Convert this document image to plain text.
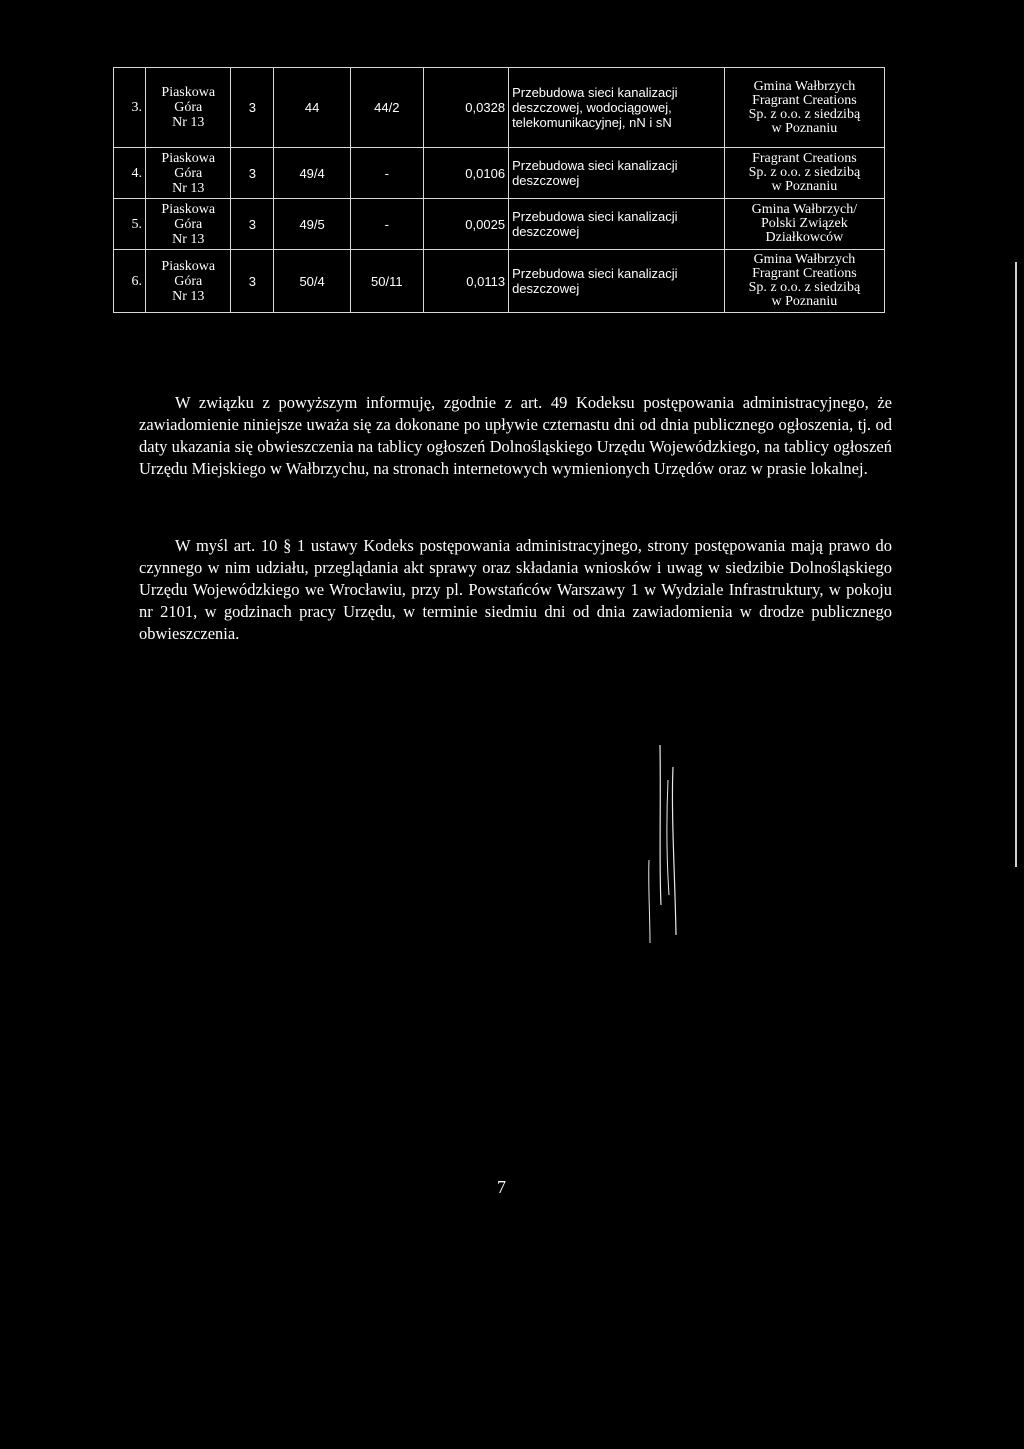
3.	Piaskowa
Góra
Nr 13	3	44	44/2	0,0328	Przebudowa sieci kanalizacji
deszczowej, wodociągowej,
telekomunikacyjnej, nN i sN	Gmina Wałbrzych
Fragrant Creations
Sp. z o.o. z siedzibą
w Poznaniu

4.	Piaskowa
Góra
Nr 13	3	49/4	-	0,0106	Przebudowa sieci kanalizacji
deszczowej	Fragrant Creations
Sp. z o.o. z siedzibą
w Poznaniu

5.	Piaskowa
Góra
Nr 13	3	49/5	-	0,0025	Przebudowa sieci kanalizacji
deszczowej	Gmina Wałbrzych/
Polski Związek
Działkowców

6.	Piaskowa
Góra
Nr 13	3	50/4	50/11	0,0113	Przebudowa sieci kanalizacji
deszczowej	Gmina Wałbrzych
Fragrant Creations
Sp. z o.o. z siedzibą
w Poznaniu

W związku z powyższym informuję, zgodnie z art. 49 Kodeksu postępowania administracyjnego, że zawiadomienie niniejsze uważa się za dokonane po upływie czternastu dni od dnia publicznego ogłoszenia, tj. od daty ukazania się obwieszczenia na tablicy ogłoszeń Dolnośląskiego Urzędu Wojewódzkiego, na tablicy ogłoszeń Urzędu Miejskiego w Wałbrzychu, na stronach internetowych wymienionych Urzędów oraz w prasie lokalnej.

W myśl art. 10 § 1 ustawy Kodeks postępowania administracyjnego, strony postępowania mają prawo do czynnego w nim udziału, przeglądania akt sprawy oraz składania wniosków i uwag w siedzibie Dolnośląskiego Urzędu Wojewódzkiego we Wrocławiu, przy pl. Powstańców Warszawy 1 w Wydziale Infrastruktury, w pokoju nr 2101, w godzinach pracy Urzędu, w terminie siedmiu dni od dnia zawiadomienia w drodze publicznego obwieszczenia.

7
